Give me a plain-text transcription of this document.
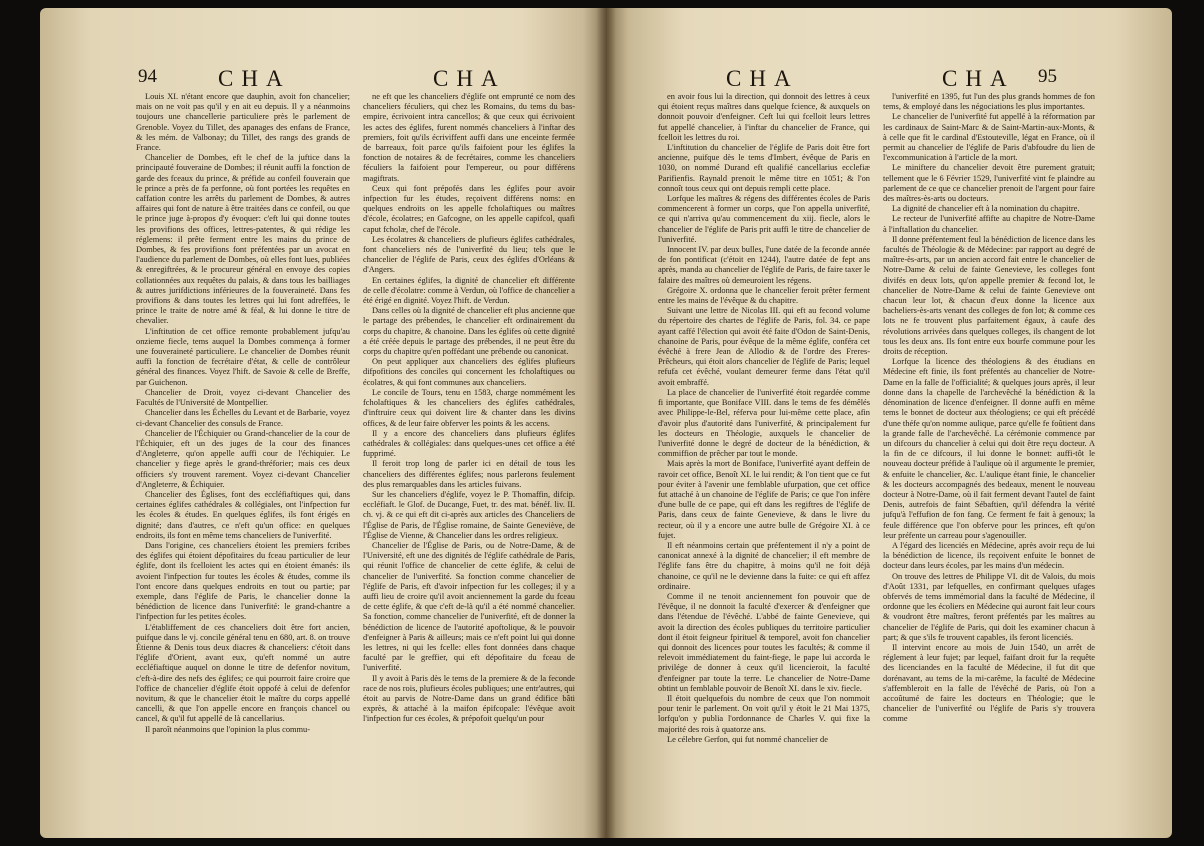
94	CHA	CHA

Louis XI. n'étant encore que dauphin, avoit fon chancelier; mais on ne voit pas qu'il y en ait eu depuis. Il y a néanmoins toujours une chancellerie particuliere près le parlement de Grenoble. Voyez du Tillet, des apanages des enfans de France, & les mém. de Valbonay; du Tillet, des rangs des grands de France.

Chancelier de Dombes, eft le chef de la juftice dans la principauté fouveraine de Dombes; il réunit auffi la fonction de garde des fceaux du prince, & préfide au confeil fouverain que le prince a près de fa perfonne, où font portées les requêtes en caffation contre les arrêts du parlement de Dombes, & autres affaires qui font de nature à être traitées dans ce confeil, ou que le prince juge à-propos d'y évoquer: c'eft lui qui donne toutes les provifions des offices, lettres-patentes, & qui rédige les réglemens: il prête ferment entre les mains du prince de Dombes, & fes provifions font préfentées par un avocat en l'audience du parlement de Dombes, où elles font lues, publiées & enregiftrées, & le procureur général en envoye des copies collationnées aux requêtes du palais, & dans tous les bailliages & autres jurifdictions inférieures de la fouveraineté. Dans fes provifions & dans toutes les lettres qui lui font adreffées, le prince le traite de notre amé & féal, & lui donne le titre de chevalier.

L'inftitution de cet office remonte probablement jufqu'au onzieme fiecle, tems auquel la Dombes commença à former une fouveraineté particuliere. Le chancelier de Dombes réunit auffi la fonction de fecrétaire d'état, & celle de contrôleur général des finances. Voyez l'hift. de Savoie & celle de Breffe, par Guichenon.

Chancelier de Droit, voyez ci-devant Chancelier des Facultés de l'Université de Montpellier.

Chancelier dans les Échelles du Levant et de Barbarie, voyez ci-devant Chancelier des consuls de France.

Chancelier de l'Échiquier ou Grand-chancelier de la cour de l'Échiquier, eft un des juges de la cour des finances d'Angleterre, qu'on appelle auffi cour de l'échiquier. Le chancelier y fiege après le grand-thréforier; mais ces deux officiers s'y trouvent rarement. Voyez ci-devant Chancelier d'Angleterre, & Échiquier.

Chancelier des Églises, font des eccléfiaftiques qui, dans certaines églifes cathédrales & collégiales, ont l'infpection fur les écoles & études. En quelques églifes, ils font érigés en dignité; dans d'autres, ce n'eft qu'un office: en quelques endroits, ils font en même tems chanceliers de l'univerfité.

Dans l'origine, ces chanceliers étoient les premiers fcribes des églifes qui étoient dépofitaires du fceau particulier de leur églife, dont ils fcelloient les actes qui en étoient émanés: ils avoient l'infpection fur toutes les écoles & études, comme ils l'ont encore dans quelques endroits en tout ou partie; par exemple, dans l'églife de Paris, le chancelier donne la bénédiction de licence dans l'univerfité: le grand-chantre a l'infpection fur les petites écoles.

L'établiffement de ces chanceliers doit être fort ancien, puifque dans le vj. concile général tenu en 680, art. 8. on trouve Étienne & Denis tous deux diacres & chanceliers: c'étoit dans l'églife d'Orient, avant eux, qu'eft nommé un autre eccléfiaftique auquel on donne le titre de defenfor novitum, c'eft-à-dire des nefs des églifes; ce qui pourroit faire croire que l'office de chancelier d'églife étoit oppofé à celui de defenfor novitum, & que le chancelier étoit le maître du corps appellé cancelli, & que l'on appelle encore en françois chancel ou cancel, & qu'il fut appellé de là cancellarius.

Il paroît néanmoins que l'opinion la plus commu-

ne eft que les chanceliers d'églife ont emprunté ce nom des chanceliers féculiers, qui chez les Romains, du tems du bas-empire, écrivoient intra cancellos; & que ceux qui écrivoient les actes des églifes, furent nommés chanceliers à l'inftar des premiers, foit qu'ils écriviffent auffi dans une enceinte fermée de barreaux, foit parce qu'ils faifoient pour les églifes la fonction de notaires & de fecrétaires, comme les chanceliers féculiers la faifoient pour l'empereur, ou pour différens magiftrats.

Ceux qui font prépofés dans les églifes pour avoir infpection fur les études, reçoivent différens noms: en quelques endroits on les appelle fcholaftiques ou maîtres d'école, écolatres; en Gafcogne, on les appelle capifcol, quafi caput fcholæ, chef de l'école.

Les écolatres & chanceliers de plufieurs églifes cathédrales, font chanceliers nés de l'univerfité du lieu; tels que le chancelier de l'églife de Paris, ceux des églifes d'Orléans & d'Angers.

En certaines églifes, la dignité de chancelier eft différente de celle d'écolatre: comme à Verdun, où l'office de chancelier a été érigé en dignité. Voyez l'hift. de Verdun.

Dans celles où la dignité de chancelier eft plus ancienne que le partage des prébendes, le chancelier eft ordinairement du corps du chapitre, & chanoine. Dans les églifes où cette dignité a été créée depuis le partage des prébendes, il ne peut être du corps du chapitre qu'en poffédant une prébende ou canonicat.

On peut appliquer aux chanceliers des églifes plufieurs difpofitions des conciles qui concernent les fcholaftiques ou écolatres, & qui font communes aux chanceliers.

Le concile de Tours, tenu en 1583, charge nommément les fcholaftiques & les chanceliers des églifes cathédrales, d'inftruire ceux qui doivent lire & chanter dans les divins offices, & de leur faire obferver les points & les accens.

Il y a encore des chanceliers dans plufieurs églifes cathédrales & collégiales: dans quelques-unes cet office a été fupprimé.

Il feroit trop long de parler ici en détail de tous les chanceliers des différentes églifes; nous parlerons feulement des plus remarquables dans les articles fuivans.

Sur les chanceliers d'églife, voyez le P. Thomaffin, difcip. eccléfiaft. le Glof. de Ducange, Fuet, tr. des mat. bénéf. liv. II. ch. vj. & ce qui eft dit ci-après aux articles des Chanceliers de l'Église de Paris, de l'Église romaine, de Sainte Geneviève, de l'Église de Vienne, & Chancelier dans les ordres religieux.

Chancelier de l'Église de Paris, ou de Notre-Dame, & de l'Université, eft une des dignités de l'églife cathédrale de Paris, qui réunit l'office de chancelier de cette églife, & celui de chancelier de l'univerfité. Sa fonction comme chancelier de l'églife de Paris, eft d'avoir infpection fur les colleges; il y a auffi lieu de croire qu'il avoit anciennement la garde du fceau de cette églife, & que c'eft de-là qu'il a été nommé chancelier. Sa fonction, comme chancelier de l'univerfité, eft de donner la bénédiction de licence de l'autorité apoftolique, & le pouvoir d'enfeigner à Paris & ailleurs; mais ce n'eft point lui qui donne les lettres, ni qui les fcelle: elles font données dans chaque faculté par le greffier, qui eft dépofitaire du fceau de l'univerfité.

Il y avoit à Paris dès le tems de la premiere & de la feconde race de nos rois, plufieurs écoles publiques; une entr'autres, qui étoit au parvis de Notre-Dame dans un grand édifice bâti exprès, & attaché à la maifon épifcopale: l'évêque avoit l'infpection fur ces écoles, & prépofoit quelqu'un pour

CHA	CHA 95

en avoir fous lui la direction, qui donnoit des lettres à ceux qui étoient reçus maîtres dans quelque fcience, & auxquels on donnoit pouvoir d'enfeigner. Ceft lui qui fcelloit leurs lettres fut appellé chancelier, à l'inftar du chancelier de France, qui fcelloit les lettres du roi.

L'inftitution du chancelier de l'églife de Paris doit être fort ancienne, puifque dès le tems d'Imbert, évêque de Paris en 1030, on nommé Durand eft qualifié cancellarius ecclefiæ Parifienfis. Raynald prenoit le même titre en 1051; & l'on connoît tous ceux qui ont depuis rempli cette place.

Lorfque les maîtres & régens des différentes écoles de Paris commencerent à former un corps, que l'on appella univerfité, ce qui n'arriva qu'au commencement du xiij. fiecle, alors le chancelier de l'églife de Paris prit auffi le titre de chancelier de l'univerfité.

Innocent IV. par deux bulles, l'une datée de la feconde année de fon pontificat (c'étoit en 1244), l'autre datée de fept ans après, manda au chancelier de l'églife de Paris, de faire taxer le falaire des maîtres où demeuroient les régens.

Grégoire X. ordonna que le chancelier feroit prêter ferment entre les mains de l'évêque & du chapitre.

Suivant une lettre de Nicolas III. qui eft au fecond volume du répertoire des chartes de l'églife de Paris, fol. 34. ce pape ayant caffé l'élection qui avoit été faite d'Odon de Saint-Denis, chanoine de Paris, pour évêque de la même églife, conféra cet évêché à frere Jean de Allodio & de l'ordre des Freres-Prêcheurs, qui étoit alors chancelier de l'églife de Paris; lequel refufa cet évêché, voulant demeurer ferme dans l'état qu'il avoit embraffé.

La place de chancelier de l'univerfité étoit regardée comme fi importante, que Boniface VIII. dans le tems de fes démêlés avec Philippe-le-Bel, réferva pour lui-même cette place, afin d'avoir plus d'autorité dans l'univerfité, & principalement fur les docteurs en Théologie, auxquels le chancelier de l'univerfité donne le degré de docteur de la bénédiction, & commiffion de prêcher par tout le monde.

Mais après la mort de Boniface, l'univerfité ayant deffein de ravoir cet office, Benoît XI. le lui rendit; & l'on tient que ce fut pour éviter à l'avenir une femblable ufurpation, que cet office fut attaché à un chanoine de l'églife de Paris; ce que l'on infère d'une bulle de ce pape, qui eft dans les regiftres de l'églife de Paris, dans ceux de fainte Genevieve, & dans le livre du recteur, où il y a encore une autre bulle de Grégoire XI. à ce fujet.

Il eft néanmoins certain que préfentement il n'y a point de canonicat annexé à la dignité de chancelier; il eft membre de l'églife fans être du chapitre, à moins qu'il ne foit déjà chanoine, ce qu'il ne le devienne dans la fuite: ce qui eft affez ordinaire.

Comme il ne tenoit anciennement fon pouvoir que de l'évêque, il ne donnoit la faculté d'exercer & d'enfeigner que dans l'étendue de l'évêché. L'abbé de fainte Genevieve, qui avoit la direction des écoles publiques du territoire particulier dont il étoit feigneur fpirituel & temporel, avoit fon chancelier qui donnoit des licences pour toutes les facultés; & comme il relevoit immédiatement du faint-fiege, le pape lui accorda le privilége de donner à ceux qu'il licencieroit, la faculté d'enfeigner par toute la terre. Le chancelier de Notre-Dame obtint un femblable pouvoir de Benoît XI. dans le xiv. fiecle.

Il étoit quelquefois du nombre de ceux que l'on nommoit pour tenir le parlement. On voit qu'il y étoit le 21 Mai 1375, lorfqu'on y publia l'ordonnance de Charles V. qui fixe la majorité des rois à quatorze ans.

Le célebre Gerfon, qui fut nommé chancelier de

l'univerfité en 1395, fut l'un des plus grands hommes de fon tems, & employé dans les négociations les plus importantes.

Le chancelier de l'univerfité fut appellé à la réformation par les cardinaux de Saint-Marc & de Saint-Martin-aux-Monts, & à celle que fit le cardinal d'Estouteville, légat en France, où il permit au chancelier de l'églife de Paris d'abfoudre du lien de l'excommunication à l'article de la mort.

Le miniftere du chancelier devoit être purement gratuit; tellement que le 6 Février 1529, l'univerfité vint fe plaindre au parlement de ce que ce chancelier prenoit de l'argent pour faire des maîtres-ès-arts ou docteurs.

La dignité de chancelier eft à la nomination du chapitre.

Le recteur de l'univerfité affifte au chapitre de Notre-Dame à l'inftallation du chancelier.

Il donne préfentement feul la bénédiction de licence dans les facultés de Théologie & de Médecine: par rapport au degré de maître-ès-arts, par un ancien accord fait entre le chancelier de Notre-Dame & celui de fainte Genevieve, les colleges font divifés en deux lots, qu'on appelle premier & fecond lot, le chancelier de Notre-Dame & celui de fainte Genevieve ont chacun leur lot, & chacun d'eux donne la licence aux bacheliers-ès-arts venant des colleges de fon lot; & comme ces lots ne fe trouvent plus parfaitement égaux, à caufe des révolutions arrivées dans quelques colleges, ils changent de lot tous les deux ans. Ils font entre eux bourfe commune pour les droits de réception.

Lorfque la licence des théologiens & des étudians en Médecine eft finie, ils font préfentés au chancelier de Notre-Dame en la falle de l'officialité; & quelques jours après, il leur donne dans la chapelle de l'archevêché la bénédiction & la dénomination de licence d'enfeigner. Il donne auffi en même tems le bonnet de docteur aux théologiens; ce qui eft précédé d'une théfe qu'on nomme aulique, parce qu'elle fe foûtient dans la grande falle de l'archevêché. La cérémonie commence par un difcours du chancelier à celui qui doit être reçu docteur. A la fin de ce difcours, il lui donne le bonnet: auffi-tôt le nouveau docteur préfide à l'aulique où il argumente le premier, & enfuite le chancelier, &c. L'aulique étant finie, le chancelier & les docteurs accompagnés des bedeaux, menent le nouveau docteur à Notre-Dame, où il fait ferment devant l'autel de faint Denis, autrefois de faint Sébaftien, qu'il défendra la vérité jufqu'à l'effufion de fon fang. Ce ferment fe fait à genoux; la feule différence que l'on obferve pour les princes, eft qu'on leur préfente un carreau pour s'agenouiller.

A l'égard des licenciés en Médecine, après avoir reçu de lui la bénédiction de licence, ils reçoivent enfuite le bonnet de docteur dans leurs écoles, par les mains d'un médecin.

On trouve des lettres de Philippe VI. dit de Valois, du mois d'Août 1331, par lefquelles, en confirmant quelques ufages obfervés de tems immémorial dans la faculté de Médecine, il ordonne que les écoliers en Médecine qui auront fait leur cours & voudront être maîtres, feront préfentés par les maîtres au chancelier de l'églife de Paris, qui doit les examiner chacun à part; & que s'ils fe trouvent capables, ils feront licenciés.

Il intervint encore au mois de Juin 1540, un arrêt de réglement à leur fujet; par lequel, faifant droit fur la requête des licenciandes en la faculté de Médecine, il fut dit que dorénavant, au tems de la mi-carême, la faculté de Médecine s'affembleroit en la falle de l'évêché de Paris, où l'on a accoûtumé de faire les docteurs en Théologie; que le chancelier de l'univerfité ou l'églife de Paris s'y trouvera comme
